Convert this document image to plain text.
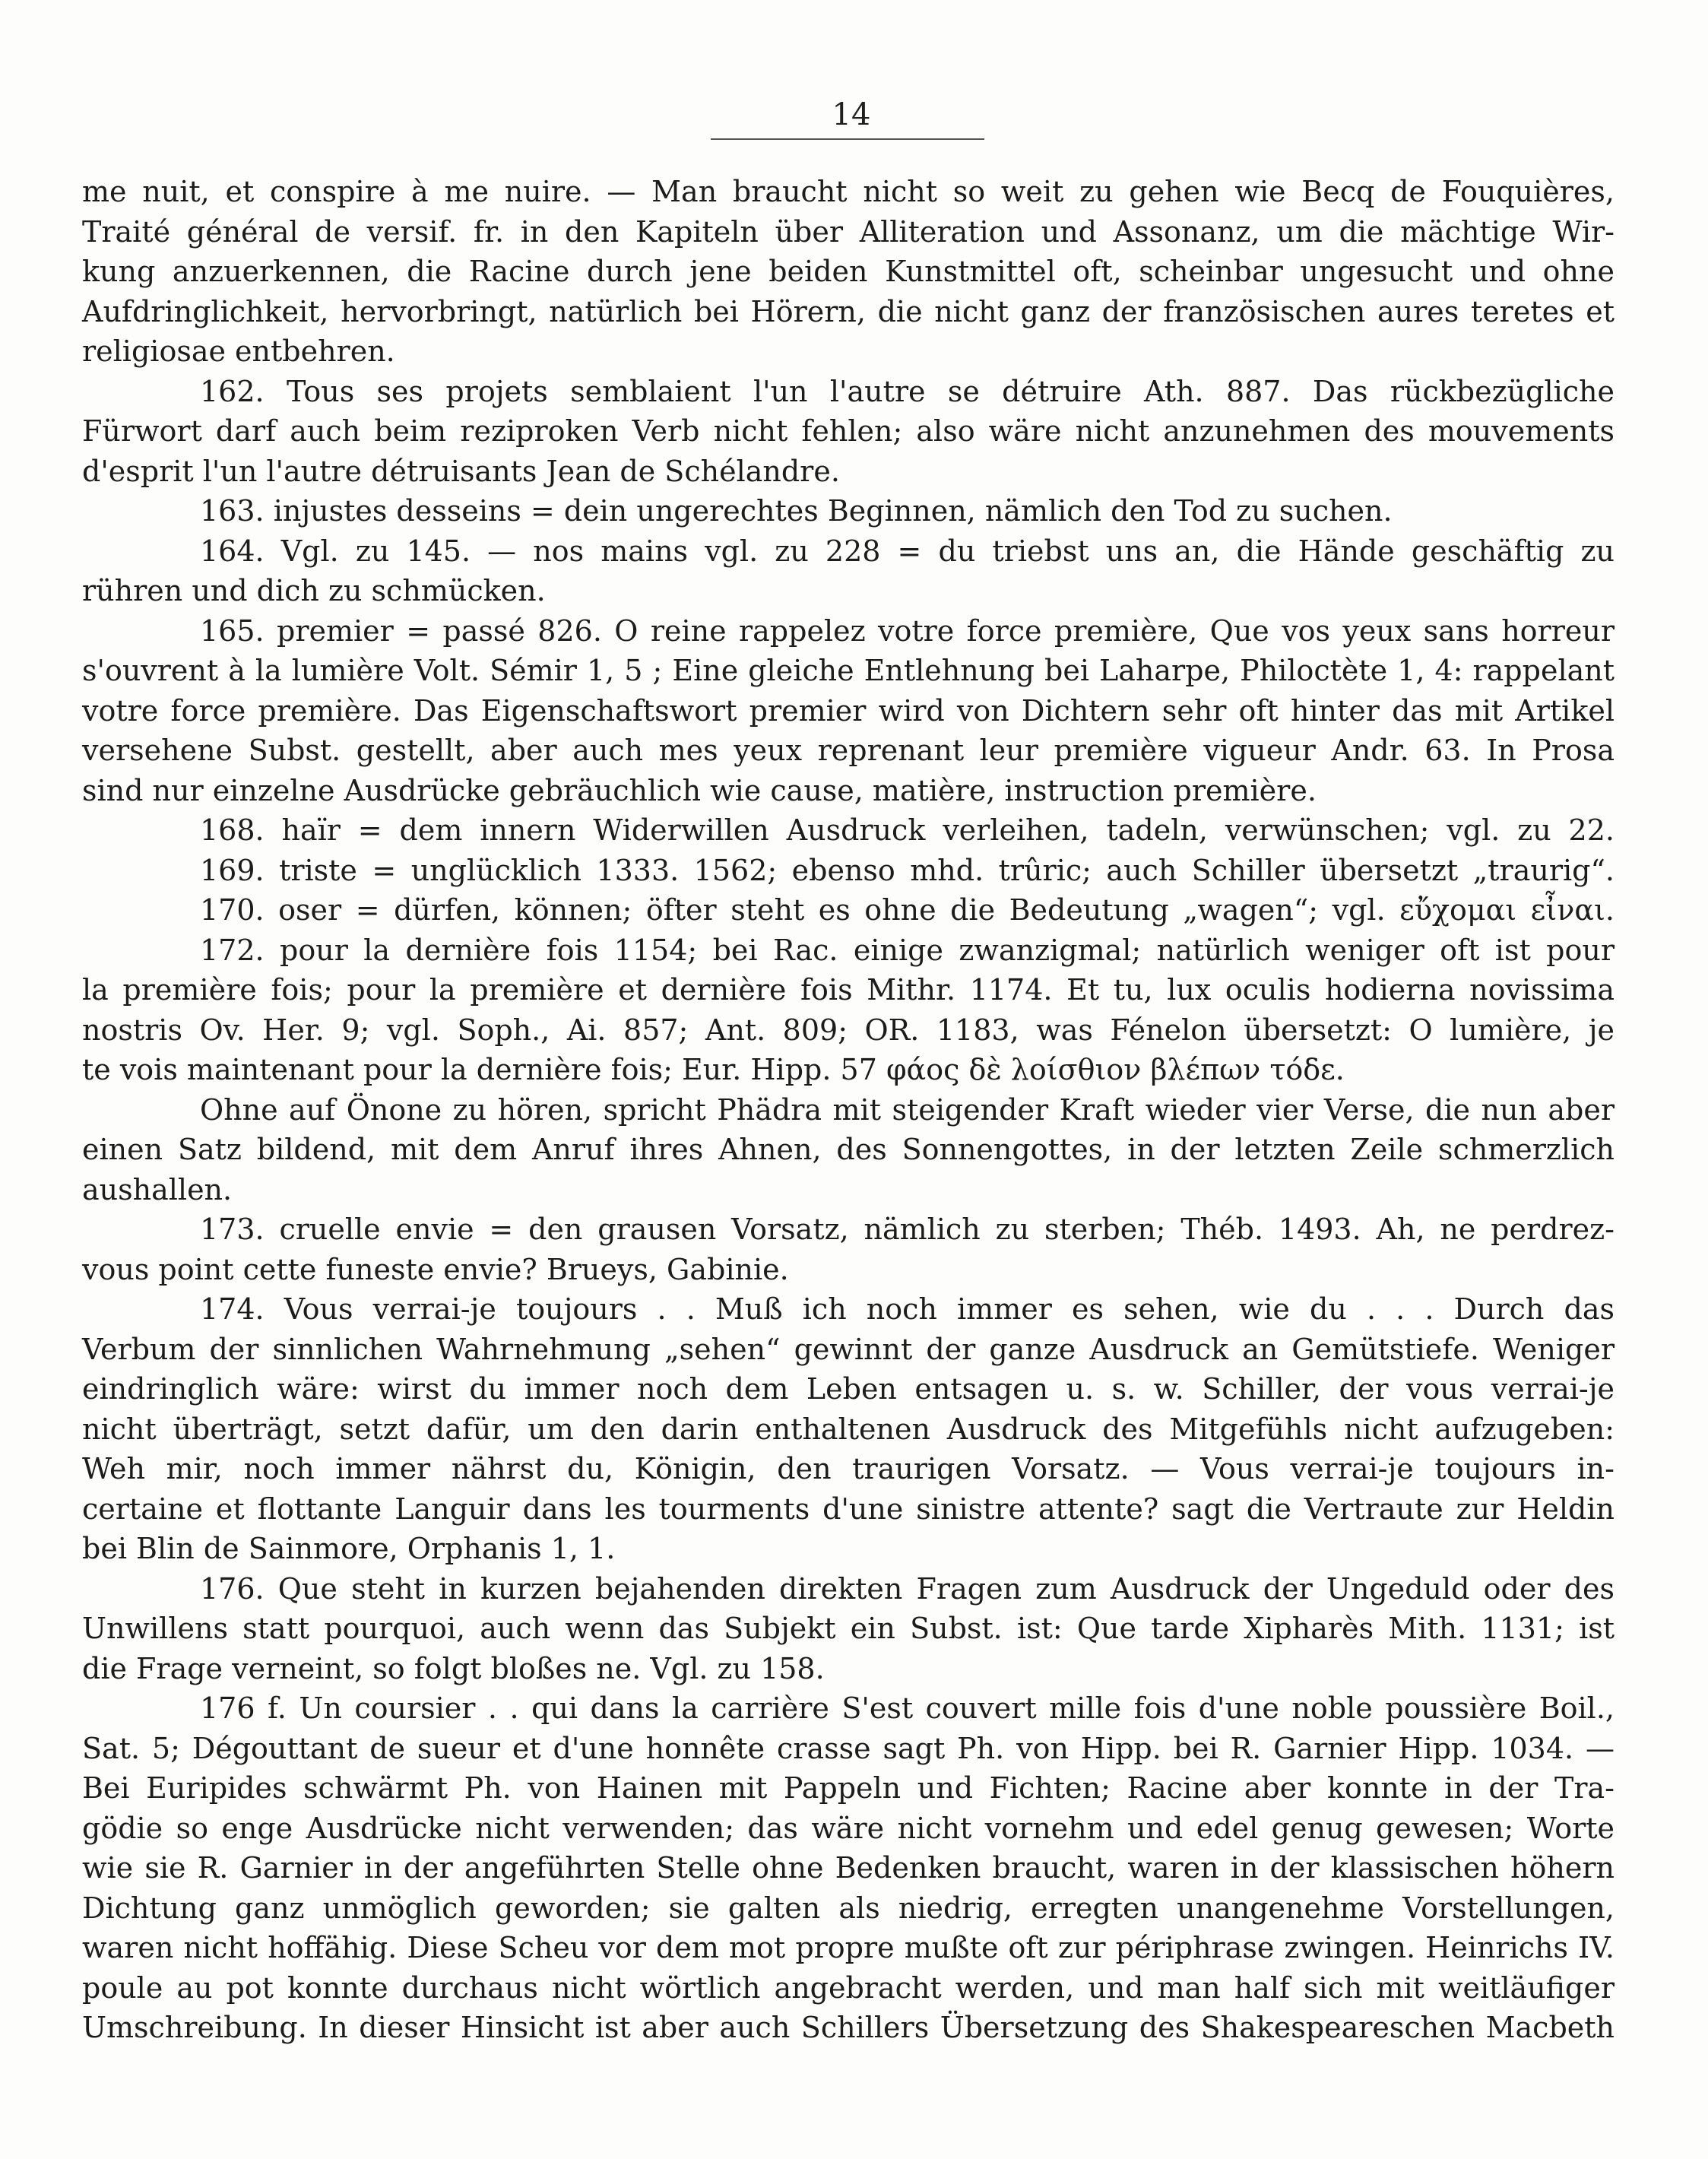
14
me nuit, et conspire à me nuire. — Man braucht nicht so weit zu gehen wie Becq de Fouquières,
Traité général de versif. fr. in den Kapiteln über Alliteration und Assonanz, um die mächtige Wir-
kung anzuerkennen, die Racine durch jene beiden Kunstmittel oft, scheinbar ungesucht und ohne
Aufdringlichkeit, hervorbringt, natürlich bei Hörern, die nicht ganz der französischen aures teretes et
religiosae entbehren.
162. Tous ses projets semblaient l'un l'autre se détruire Ath. 887. Das rückbezügliche
Fürwort darf auch beim reziproken Verb nicht fehlen; also wäre nicht anzunehmen des mouvements
d'esprit l'un l'autre détruisants Jean de Schélandre.
163. injustes desseins = dein ungerechtes Beginnen, nämlich den Tod zu suchen.
164. Vgl. zu 145. — nos mains vgl. zu 228 = du triebst uns an, die Hände geschäftig zu
rühren und dich zu schmücken.
165. premier = passé 826. O reine rappelez votre force première, Que vos yeux sans horreur
s'ouvrent à la lumière Volt. Sémir 1, 5 ; Eine gleiche Entlehnung bei Laharpe, Philoctète 1, 4: rappelant
votre force première. Das Eigenschaftswort premier wird von Dichtern sehr oft hinter das mit Artikel
versehene Subst. gestellt, aber auch mes yeux reprenant leur première vigueur Andr. 63. In Prosa
sind nur einzelne Ausdrücke gebräuchlich wie cause, matière, instruction première.
168. haïr = dem innern Widerwillen Ausdruck verleihen, tadeln, verwünschen; vgl. zu 22.
169. triste = unglücklich 1333. 1562; ebenso mhd. trûric; auch Schiller übersetzt „traurig“.
170. oser = dürfen, können; öfter steht es ohne die Bedeutung „wagen“; vgl. εὔχομαι εἶναι.
172. pour la dernière fois 1154; bei Rac. einige zwanzigmal; natürlich weniger oft ist pour
la première fois; pour la première et dernière fois Mithr. 1174. Et tu, lux oculis hodierna novissima
nostris Ov. Her. 9; vgl. Soph., Ai. 857; Ant. 809; OR. 1183, was Fénelon übersetzt: O lumière, je
te vois maintenant pour la dernière fois; Eur. Hipp. 57 φάος δὲ λοίσθιον βλέπων τόδε.
Ohne auf Önone zu hören, spricht Phädra mit steigender Kraft wieder vier Verse, die nun aber
einen Satz bildend, mit dem Anruf ihres Ahnen, des Sonnengottes, in der letzten Zeile schmerzlich
aushallen.
173. cruelle envie = den grausen Vorsatz, nämlich zu sterben; Théb. 1493. Ah, ne perdrez-
vous point cette funeste envie? Brueys, Gabinie.
174. Vous verrai-je toujours . . Muß ich noch immer es sehen, wie du . . . Durch das
Verbum der sinnlichen Wahrnehmung „sehen“ gewinnt der ganze Ausdruck an Gemütstiefe. Weniger
eindringlich wäre: wirst du immer noch dem Leben entsagen u. s. w. Schiller, der vous verrai-je
nicht überträgt, setzt dafür, um den darin enthaltenen Ausdruck des Mitgefühls nicht aufzugeben:
Weh mir, noch immer nährst du, Königin, den traurigen Vorsatz. — Vous verrai-je toujours in-
certaine et flottante Languir dans les tourments d'une sinistre attente? sagt die Vertraute zur Heldin
bei Blin de Sainmore, Orphanis 1, 1.
176. Que steht in kurzen bejahenden direkten Fragen zum Ausdruck der Ungeduld oder des
Unwillens statt pourquoi, auch wenn das Subjekt ein Subst. ist: Que tarde Xipharès Mith. 1131; ist
die Frage verneint, so folgt bloßes ne. Vgl. zu 158.
176 f. Un coursier . . qui dans la carrière S'est couvert mille fois d'une noble poussière Boil.,
Sat. 5; Dégouttant de sueur et d'une honnête crasse sagt Ph. von Hipp. bei R. Garnier Hipp. 1034. —
Bei Euripides schwärmt Ph. von Hainen mit Pappeln und Fichten; Racine aber konnte in der Tra-
gödie so enge Ausdrücke nicht verwenden; das wäre nicht vornehm und edel genug gewesen; Worte
wie sie R. Garnier in der angeführten Stelle ohne Bedenken braucht, waren in der klassischen höhern
Dichtung ganz unmöglich geworden; sie galten als niedrig, erregten unangenehme Vorstellungen,
waren nicht hoffähig. Diese Scheu vor dem mot propre mußte oft zur périphrase zwingen. Heinrichs IV.
poule au pot konnte durchaus nicht wörtlich angebracht werden, und man half sich mit weitläufiger
Umschreibung. In dieser Hinsicht ist aber auch Schillers Übersetzung des Shakespeareschen Macbeth
